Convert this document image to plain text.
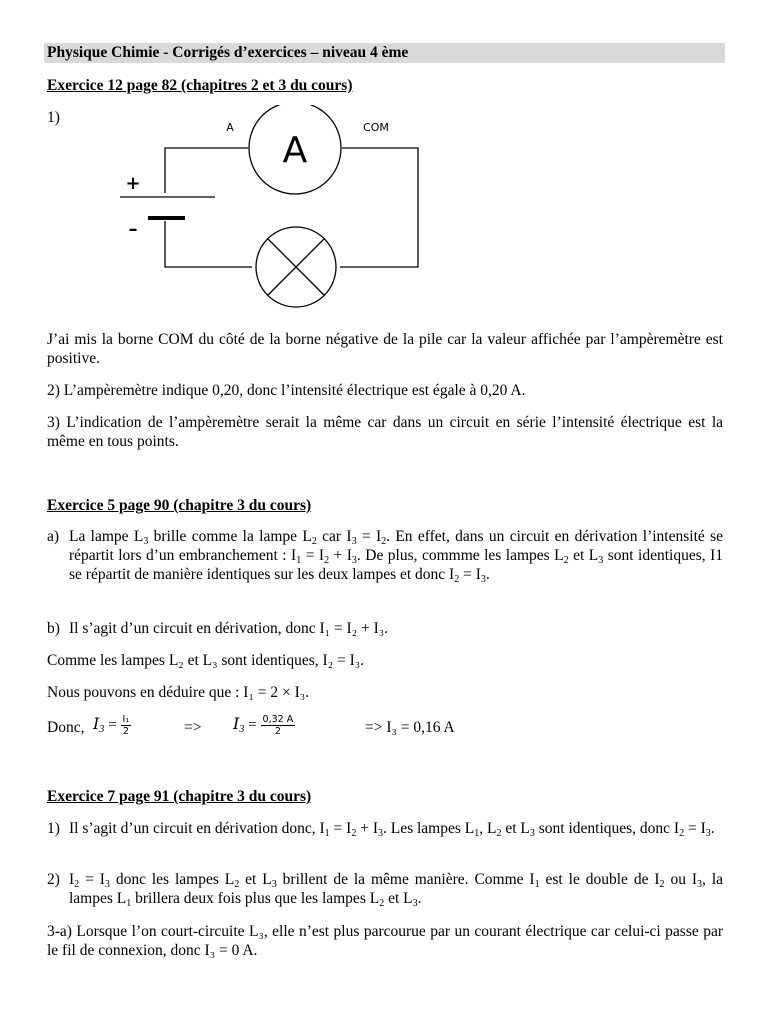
Physique Chimie - Corrigés d’exercices – niveau 4 ème
Exercice 12 page 82 (chapitres 2 et 3 du cours)
1)
A
A	COM
+
–
J’ai mis la borne COM du côté de la borne négative de la pile car la valeur affichée par l’ampèremètre est positive.
2) L’ampèremètre indique 0,20, donc l’intensité électrique est égale à 0,20 A.
3) L’indication de l’ampèremètre serait la même car dans un circuit en série l’intensité électrique est la même en tous points.
Exercice 5 page 90 (chapitre 3 du cours)
a) La lampe $L_3$ brille comme la lampe $L_2$ car $I_3 = I_2$. En effet, dans un circuit en dérivation l’intensité se répartit lors d’un embranchement : $I_1 = I_2 + I_3$. De plus, commme les lampes $L_2$ et $L_3$ sont identiques, I1 se répartit de manière identiques sur les deux lampes et donc $I_2 = I_3$.
b) Il s’agit d’un circuit en dérivation, donc I₁ = I₂ + I₃.
Comme les lampes L₂ et L₃ sont identiques, I₂ = I₃.
Nous pouvons en déduire que : I₁ = 2 × I₃.
Donc, $I_3 = \frac{\text{I₁}}{2}$	=> $I_3 = \frac{0,32 A}{2}$	=> I₃ = 0,16 A
Exercice 7 page 91 (chapitre 3 du cours)
1) Il s’agit d’un circuit en dérivation donc, $I_1 = I_2 + I_3$. Les lampes $L_1$, $L_2$ et $L_3$ sont identiques, donc $I_2 = I_3$.
2) $I_2 = I_3$ donc les lampes $L_2$ et $L_3$ brillent de la même manière. Comme $I_1$ est le double de $I_2$ ou $I_3$, la lampes $L_1$ brillera deux fois plus que les lampes $L_2$ et $L_3$.
3-a) Lorsque l’on court-circuite L₃, elle n’est plus parcourue par un courant électrique car celui-ci passe par le fil de connexion, donc I₃ = 0 A.
